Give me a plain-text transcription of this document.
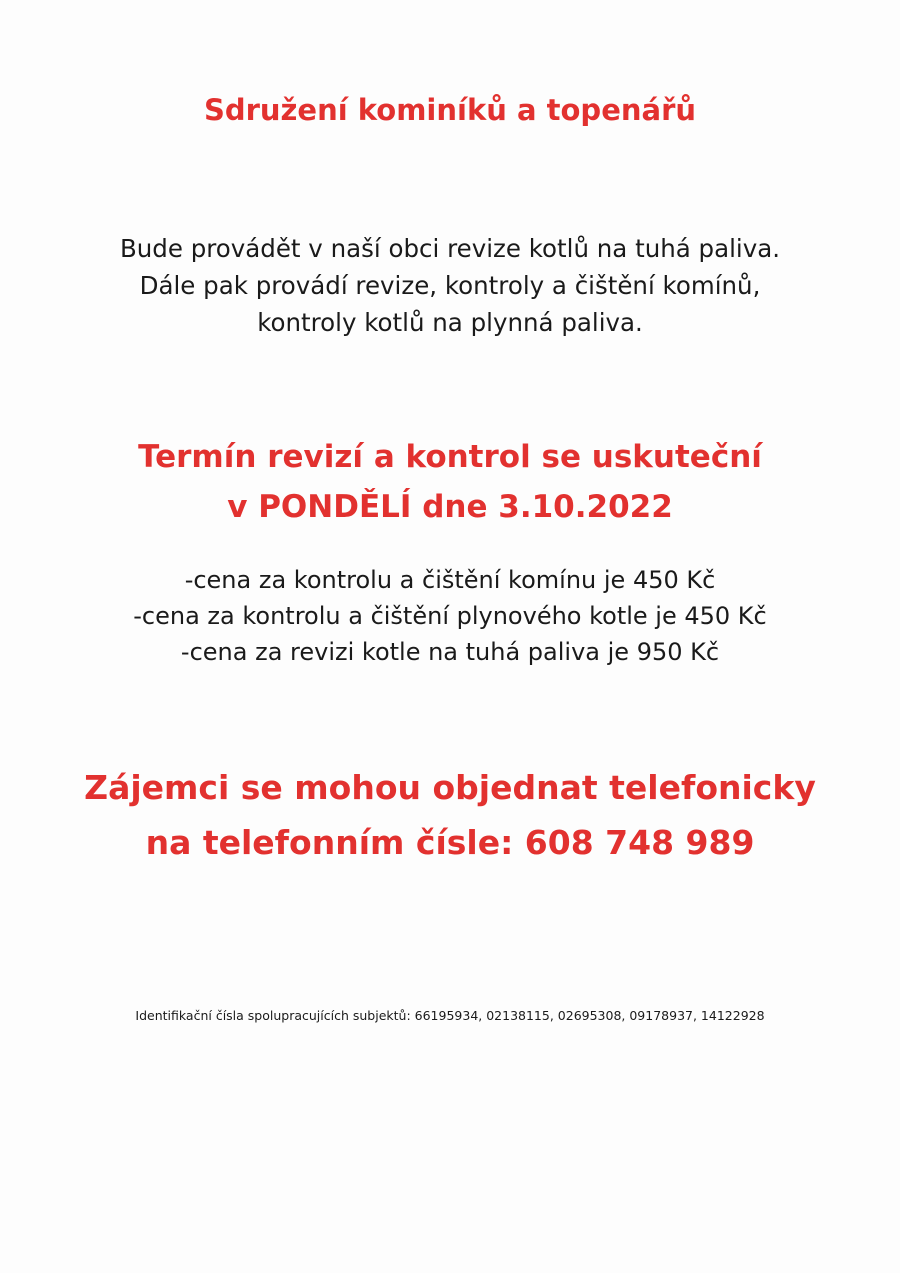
Sdružení kominíků a topenářů
Bude provádět v naší obci revize kotlů na tuhá paliva.
Dále pak provádí revize, kontroly a čištění komínů,
kontroly kotlů na plynná paliva.
Termín revizí a kontrol se uskuteční
v PONDĚLÍ dne 3.10.2022
-cena za kontrolu a čištění komínu je 450 Kč
-cena za kontrolu a čištění plynového kotle je 450 Kč
-cena za revizi kotle na tuhá paliva je 950 Kč
Zájemci se mohou objednat telefonicky
na telefonním čísle: 608 748 989
Identifikační čísla spolupracujících subjektů: 66195934, 02138115, 02695308, 09178937, 14122928
